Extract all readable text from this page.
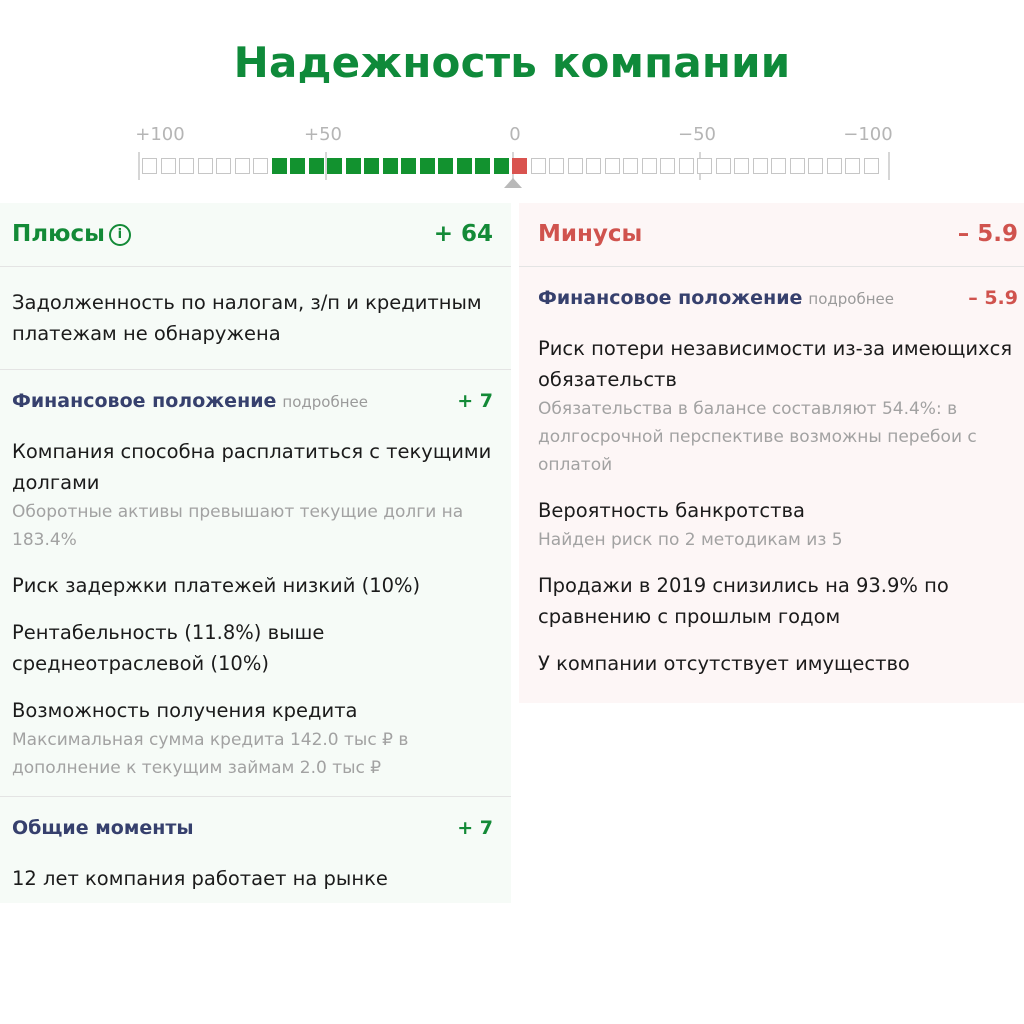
Надежность компании
+100	+50	0	−50	−100
Плюсы i	+ 64
Задолженность по налогам, з/п и кредитным платежам не обнаружена
Финансовое положение подробнее	+ 7
Компания способна расплатиться с текущими долгами
Оборотные активы превышают текущие долги на 183.4%
Риск задержки платежей низкий (10%)
Рентабельность (11.8%) выше среднеотраслевой (10%)
Возможность получения кредита
Максимальная сумма кредита 142.0 тыс ₽ в дополнение к текущим займам 2.0 тыс ₽
Общие моменты	+ 7
12 лет компания работает на рынке
Минусы	– 5.9
Финансовое положение подробнее	– 5.9
Риск потери независимости из-за имеющихся обязательств
Обязательства в балансе составляют 54.4%: в долгосрочной перспективе возможны перебои с оплатой
Вероятность банкротства
Найден риск по 2 методикам из 5
Продажи в 2019 снизились на 93.9% по сравнению с прошлым годом
У компании отсутствует имущество
